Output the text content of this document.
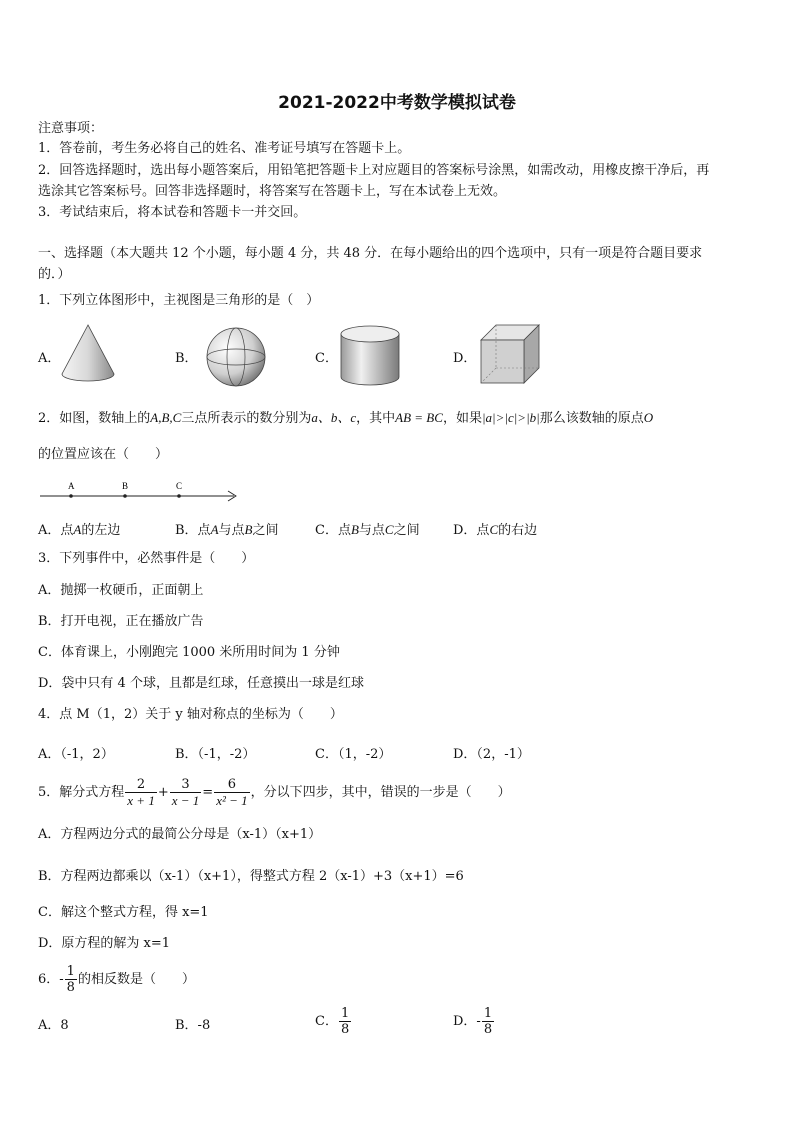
2021-2022中考数学模拟试卷
注意事项：
1．答卷前，考生务必将自己的姓名、准考证号填写在答题卡上。
2．回答选择题时，选出每小题答案后，用铅笔把答题卡上对应题目的答案标号涂黑，如需改动，用橡皮擦干净后，再
选涂其它答案标号。回答非选择题时，将答案写在答题卡上，写在本试卷上无效。
3．考试结束后，将本试卷和答题卡一并交回。
一、选择题（本大题共 12 个小题，每小题 4 分，共 48 分．在每小题给出的四个选项中，只有一项是符合题目要求
的．）
1．下列立体图形中，主视图是三角形的是（　）
A．	B．	C．	D．
2．如图，数轴上的A,B,C三点所表示的数分别为a、b、c，其中AB = BC，如果|a|>|c|>|b|那么该数轴的原点O
的位置应该在（　　）
A	B	C
A．点A的左边	B．点A与点B之间	C．点B与点C之间	D．点C的右边
3．下列事件中，必然事件是（　　）
A．抛掷一枚硬币，正面朝上
B．打开电视，正在播放广告
C．体育课上，小刚跑完 1000 米所用时间为 1 分钟
D．袋中只有 4 个球，且都是红球，任意摸出一球是红球
4．点 M（1，2）关于 y 轴对称点的坐标为（　　）
A．（-1，2）	B．（-1，-2）	C．（1，-2）	D．（2，-1）
5．解分式方程 $\frac{2}{x + 1} + \frac{3}{x - 1} = \frac{6}{\text{x² − 1}}$ ，分以下四步，其中，错误的一步是（　　）
A．方程两边分式的最简公分母是（x-1）（x+1）
B．方程两边都乘以（x-1）（x+1），得整式方程 2（x-1）+3（x+1）=6
C．解这个整式方程，得 x=1
D．原方程的解为 x=1
6．- $\frac{1}{8}$ 的相反数是（　　）
A．8	B．-8	C． $\frac{1}{8}$	D．- $\frac{1}{8}$
